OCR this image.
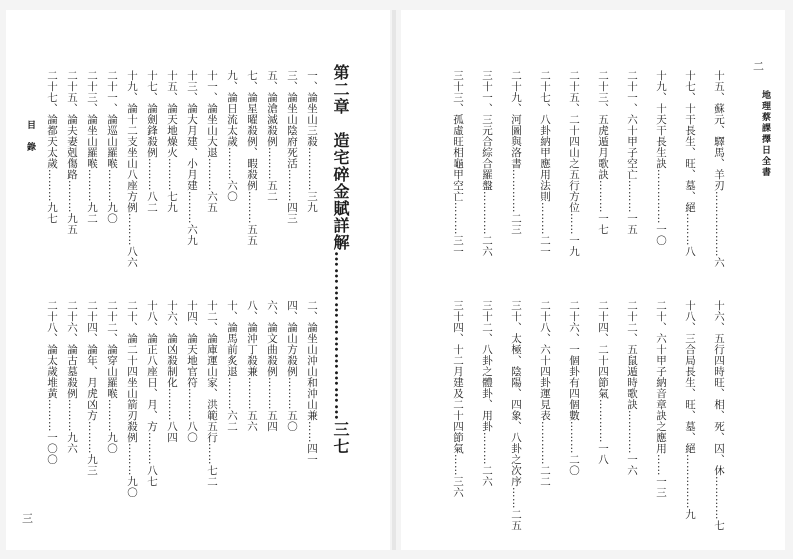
地理蔡課擇日全書
二
十五、蘇元、驛馬、羊刃………………六
十七、十干長生、旺、墓、絕………八
十九、十天干長生訣……………一〇
二十一、六十甲子空亡………一五
二十三、五虎遁月歌訣………一七
二十五、二十四山之五行方位……一九
二十七、八卦納甲應用法則………二一
二十九、河圖與洛書…………二三
三十一、三元合綜合羅盤…………二六
三十三、孤虛旺相龜甲空亡………三一
十六、五行四時旺、相、死、囚、休…………七
十八、三合局長生、旺、墓、絕……………九
二十、六十甲子納音章訣之應用……一三
二十二、五鼠遁時歌訣…………一六
二十四、二十四節氣…………一八
二十六、一個卦有四個數………二〇
二十八、六十四卦運見表…………二二
三十、太極、陰陽、四象、八卦之次序……二五
三十二、八卦之體卦、用卦………二六
三十四、十二月建及二十四節氣……三六
目　錄
三
第二章　造宅碎金賦詳解…………………………三七
一、論坐山三殺…………三九
三、論坐山陰府死活………四三
五、論滄滅殺例………五二
七、論星曜殺例、暇殺例………五五
九、論日流太歲………六〇
十一、論坐山大退………六五
十三、論大月建、小月建………六九
十五、論天地燥火………七九
十七、論劍鋒殺例………八二
十九、論十二支坐山八座方例………八六
二十一、論巡山羅喉………九〇
二十三、論坐山羅喉………九二
二十五、論夫妻剋傷路………九五
二十七、論都天太歲………九七
二、論坐山沖山和沖山兼……四一
四、論山方殺例………五〇
六、論文曲殺例………五四
八、論沖丁殺兼………五六
十、論馬前炙退………六二
十二、論庫運山家、洪範五行……七二
十四、論天地官符………八〇
十六、論凶殺制化………八四
十八、論正八座日、月、方………八七
二十、論二十四坐山箭刃殺例………九〇
二十二、論穿山羅喉………九〇
二十四、論年、月虎凶方………九三
二十六、論古墓殺例………九六
二十八、論太歲堆黃………一〇〇
